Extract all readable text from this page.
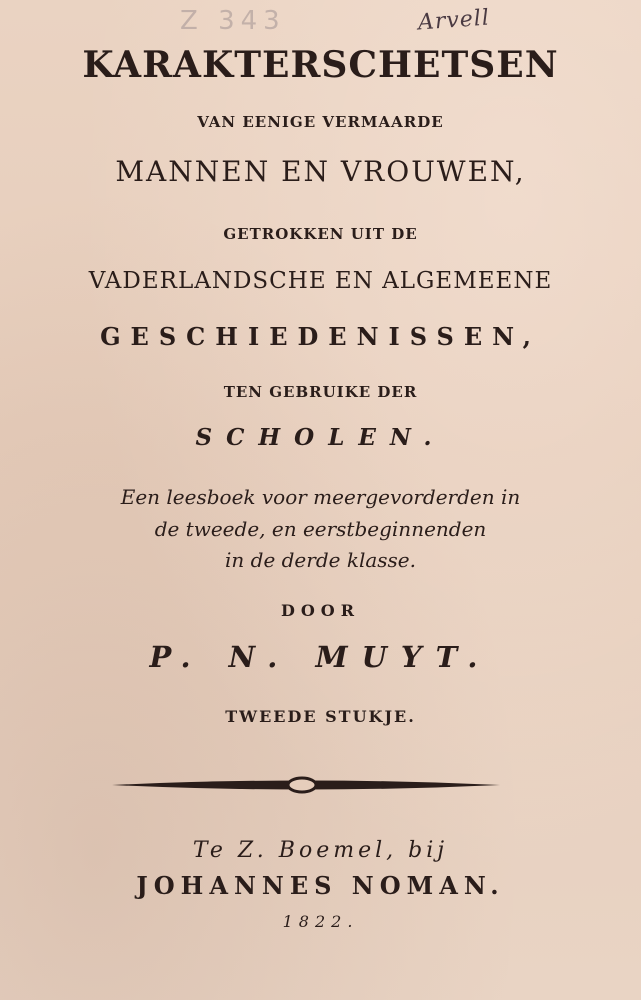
Z 343	Arvell
KARAKTERSCHETSEN
VAN EENIGE VERMAARDE
MANNEN EN VROUWEN,
GETROKKEN UIT DE
VADERLANDSCHE EN ALGEMEENE
GESCHIEDENISSEN,
TEN GEBRUIKE DER
SCHOLEN.
Een leesboek voor meergevorderden in
de tweede, en eerstbeginnenden
in de derde klasse.
DOOR
P. N. MUYT.
TWEEDE STUKJE.
Te Z. Boemel, bij
JOHANNES NOMAN.
1822.
